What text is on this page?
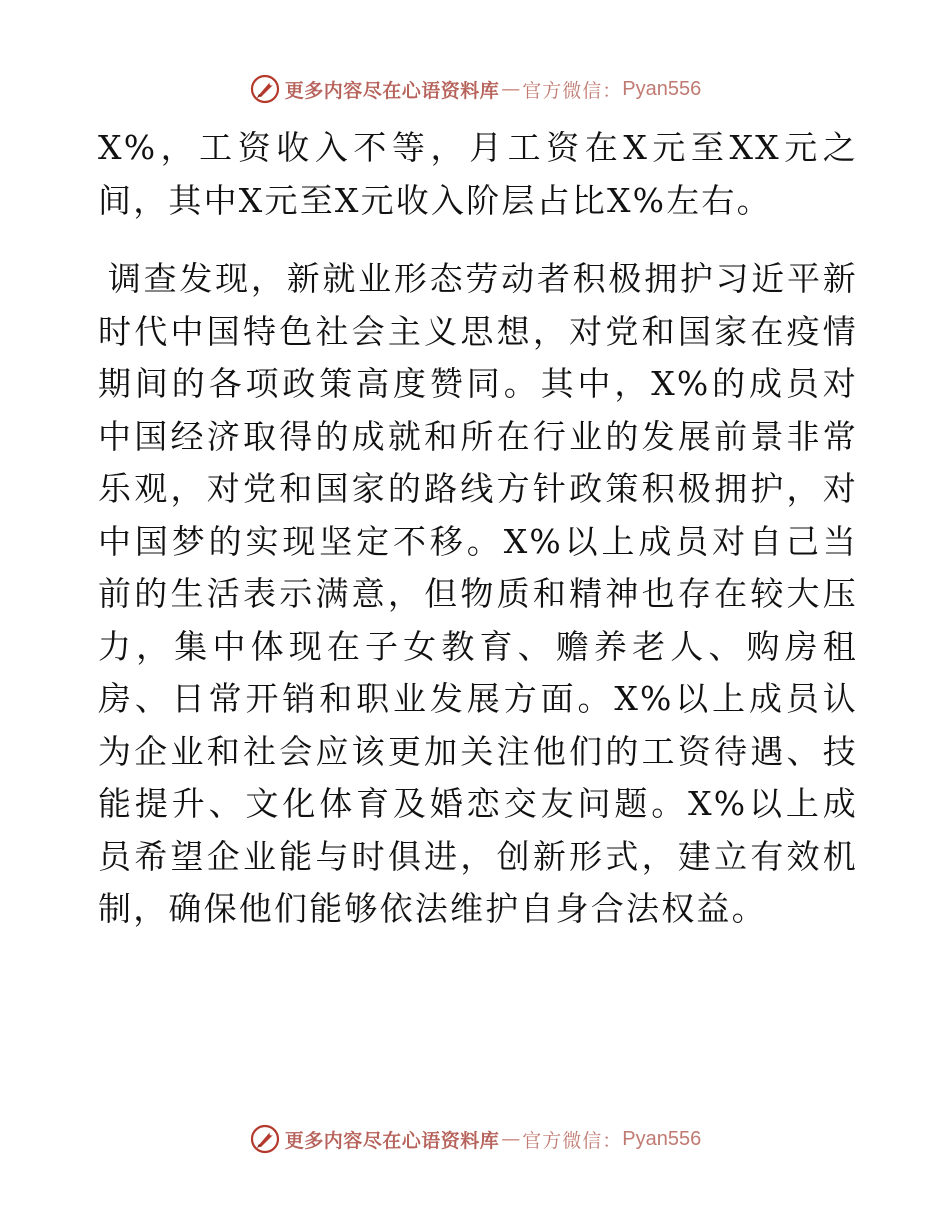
更多内容尽在心语资料库 — 官方微信： Pyan556

X%，工资收入不等，月工资在X元至XX元之间，其中X元至X元收入阶层占比X%左右。

调查发现，新就业形态劳动者积极拥护习近平新时代中国特色社会主义思想，对党和国家在疫情期间的各项政策高度赞同。其中，X%的成员对中国经济取得的成就和所在行业的发展前景非常乐观，对党和国家的路线方针政策积极拥护，对中国梦的实现坚定不移。X%以上成员对自己当前的生活表示满意，但物质和精神也存在较大压力，集中体现在子女教育、赡养老人、购房租房、日常开销和职业发展方面。X%以上成员认为企业和社会应该更加关注他们的工资待遇、技能提升、文化体育及婚恋交友问题。X%以上成员希望企业能与时俱进，创新形式，建立有效机制，确保他们能够依法维护自身合法权益。

更多内容尽在心语资料库 — 官方微信： Pyan556
